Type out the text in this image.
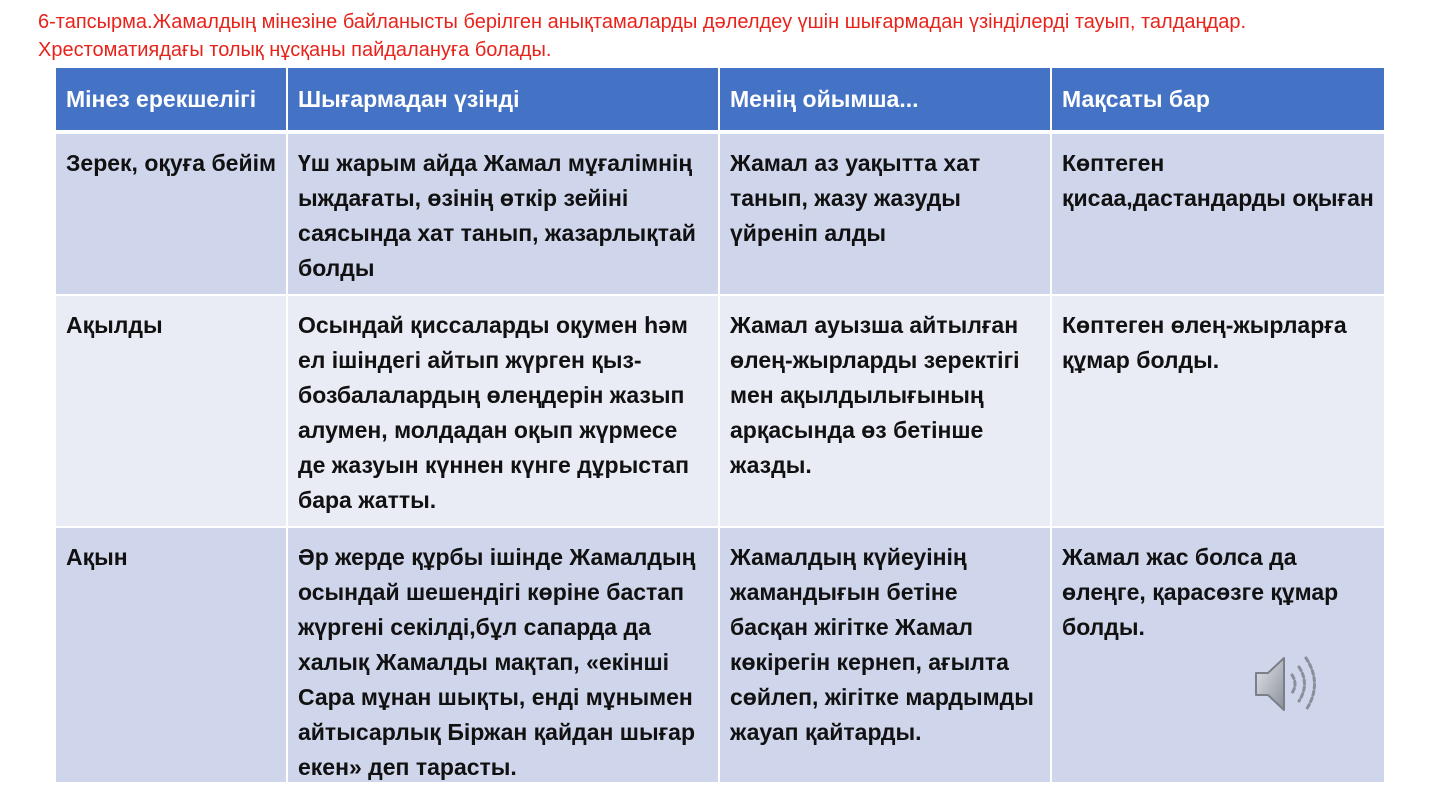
6-тапсырма.Жамалдың мінезіне байланысты берілген анықтамаларды дәлелдеу үшін шығармадан үзінділерді тауып, талдаңдар.
Хрестоматиядағы толық нұсқаны пайдалануға болады.
Мінез ерекшелігі	Шығармадан үзінді	Менің ойымша...	Мақсаты бар
Зерек, оқуға бейім	Үш жарым айда Жамал мұғалімнің ыждағаты, өзінің өткір зейіні саясында хат танып, жазарлықтай болды	Жамал аз уақытта хат танып, жазу жазуды үйреніп алды	Көптеген қисаа,дастандарды оқыған
Ақылды	Осындай қиссаларды оқумен һәм ел ішіндегі айтып жүрген қыз-бозбалалардың өлеңдерін жазып алумен, молдадан оқып жүрмесе де жазуын күннен күнге дұрыстап бара жатты.	Жамал ауызша айтылған өлең-жырларды зеректігі мен ақылдылығының арқасында өз бетінше жазды.	Көптеген өлең-жырларға құмар болды.
Ақын	Әр жерде құрбы ішінде Жамалдың осындай шешендігі көріне бастап жүргені секілді,бұл сапарда да халық Жамалды мақтап, «екінші Сара мұнан шықты, енді мұнымен айтысарлық Біржан қайдан шығар екен» деп тарасты.	Жамалдың күйеуінің жамандығын бетіне басқан жігітке Жамал көкірегін кернеп, ағылта сөйлеп, жігітке мардымды жауап қайтарды.	Жамал жас болса да өлеңге, қарасөзге құмар болды.
